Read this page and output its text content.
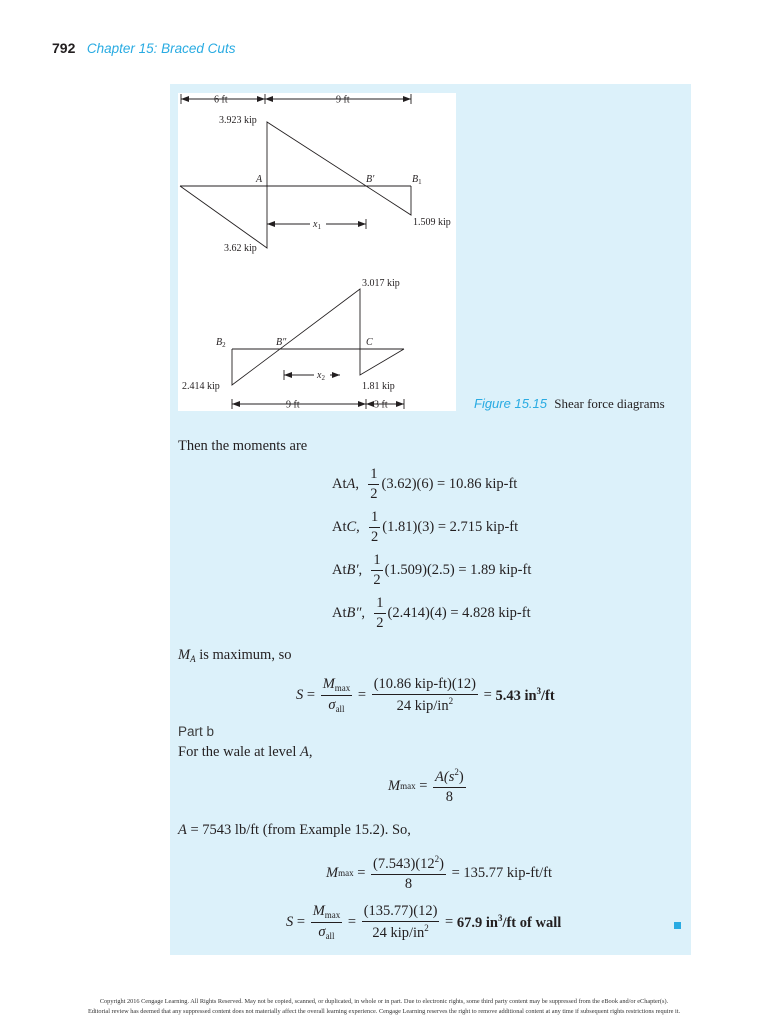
792 Chapter 15: Braced Cuts
6 ft	9 ft
3.923 kip
3.62 kip
1.509 kip
A	B′	$B_1$
$x_1$
3.017 kip
2.414 kip	1.81 kip
$B_2$	B″	C
$x_2$
9 ft	3 ft	Figure 15.15 Shear force diagrams
Then the moments are
At A ,
$\frac{1}{2} (3.62)(6) = 10.86$ kip-ft
At C ,
$\frac{1}{2} (1.81)(3) = 2.715$ kip-ft
At B′ ,
$\frac{1}{2} (1.509)(2.5) = 1.89$ kip-ft
At B″ ,
$\frac{1}{2} (2.414)(4) = 4.828$ kip-ft
$M_A$ is maximum, so
S
=
$\frac{M_{max}}{\sigma_{all}}$
=
$\frac{\text{(10.86 kip-ft)(12)}}{24 kip/in^2}$
=
5.43 $in^3/ft$
Part b
For the wale at level A,
M max
=
$\frac{A(s^2)}{8}$
A = 7543 lb/ft (from Example 15.2). So,
M max
=
$\frac{(7.543)(12^2)}{8}$
= 135.77 kip-ft/ft
S
=
$\frac{M_{max}}{\sigma_{all}}$
=
$\frac{(135.77)(12)}{24 kip/in^2}$
=
67.9 $in^3/ft$ of wall
Copyright 2016 Cengage Learning. All Rights Reserved. May not be copied, scanned, or duplicated, in whole or in part. Due to electronic rights, some third party content may be suppressed from the eBook and/or eChapter(s).
Editorial review has deemed that any suppressed content does not materially affect the overall learning experience. Cengage Learning reserves the right to remove additional content at any time if subsequent rights restrictions require it.
